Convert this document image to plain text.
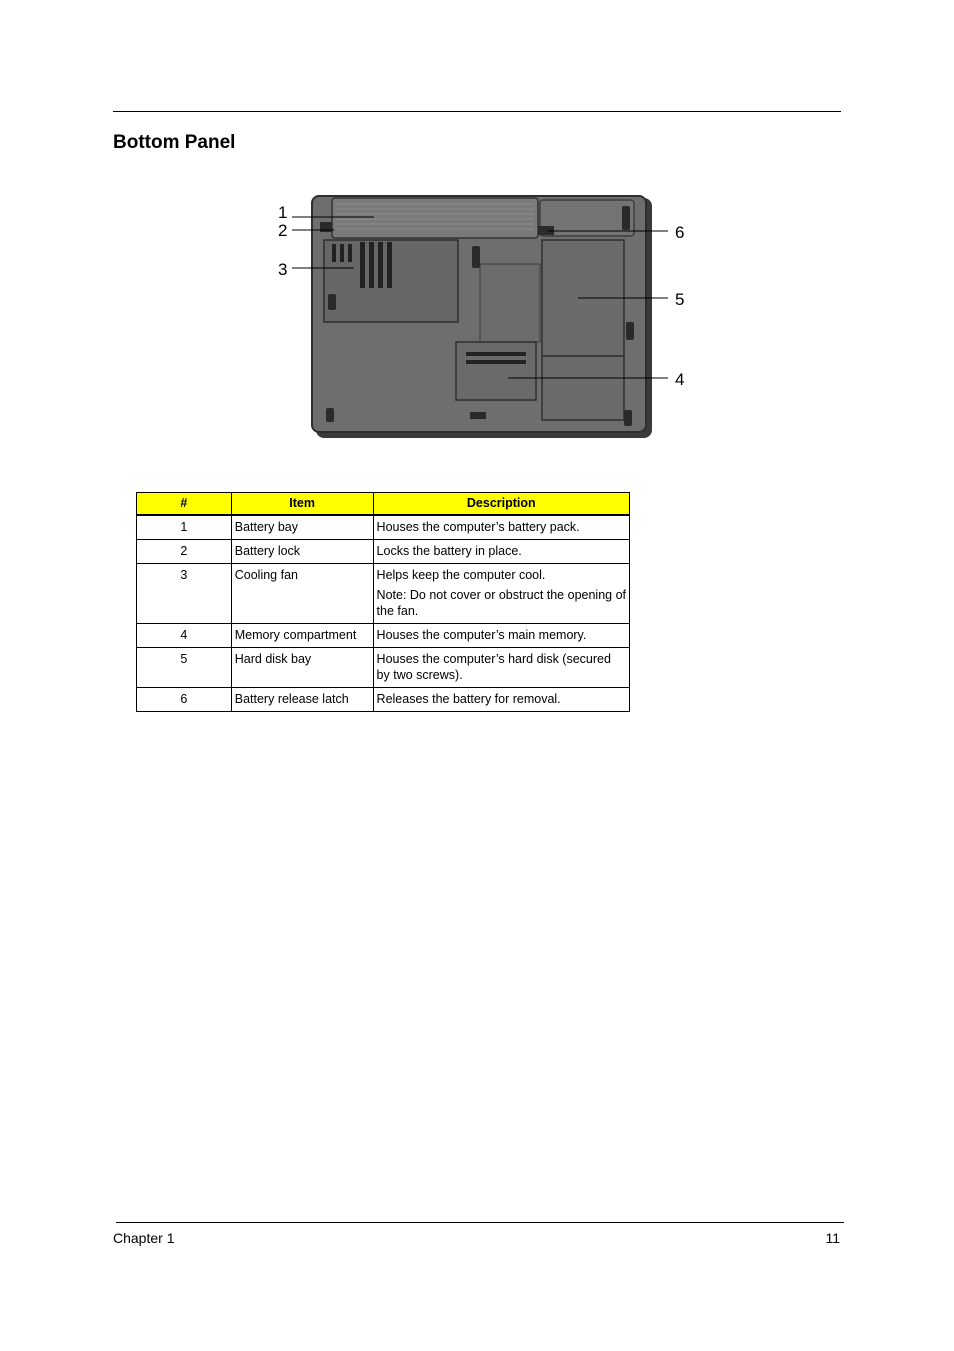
Bottom Panel
1
2
3
4
5
6
#	Item	Description
1	Battery bay	Houses the computer’s battery pack.

2	Battery lock	Locks the battery in place.

3	Cooling fan	Helps keep the computer cool.

Note: Do not cover or obstruct the opening of the fan.

4	Memory compartment	Houses the computer’s main memory.

5	Hard disk bay	Houses the computer’s hard disk (secured by two screws).

6	Battery release latch	Releases the battery for removal.

Chapter 1	11
